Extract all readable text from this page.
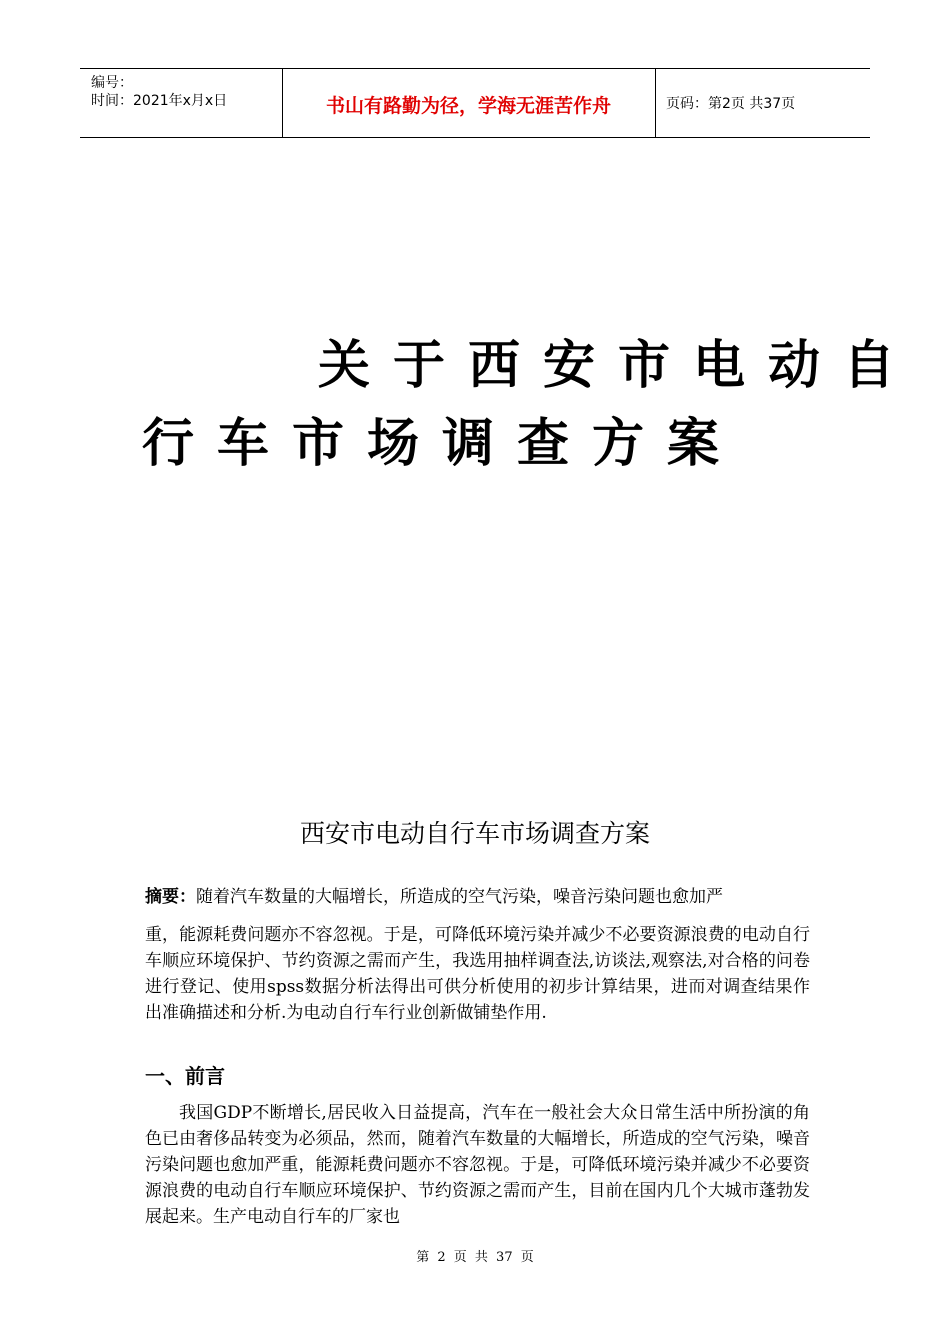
编号：
时间：2021年x月x日	书山有路勤为径，学海无涯苦作舟	页码：第2页 共37页
关于西安市电动自
行车市场调查方案
西安市电动自行车市场调查方案
摘要：随着汽车数量的大幅增长，所造成的空气污染，噪音污染问题也愈加严
重，能源耗费问题亦不容忽视。于是，可降低环境污染并减少不必要资源浪费的电动自行车顺应环境保护、节约资源之需而产生，我选用抽样调查法,访谈法,观察法,对合格的问卷进行登记、使用spss数据分析法得出可供分析使用的初步计算结果，进而对调查结果作出准确描述和分析.为电动自行车行业创新做铺垫作用.
一、前言
我国GDP不断增长,居民收入日益提高，汽车在一般社会大众日常生活中所扮演的角色已由奢侈品转变为必须品，然而，随着汽车数量的大幅增长，所造成的空气污染，噪音污染问题也愈加严重，能源耗费问题亦不容忽视。于是，可降低环境污染并减少不必要资源浪费的电动自行车顺应环境保护、节约资源之需而产生，目前在国内几个大城市蓬勃发展起来。生产电动自行车的厂家也
第 2 页 共 37 页
